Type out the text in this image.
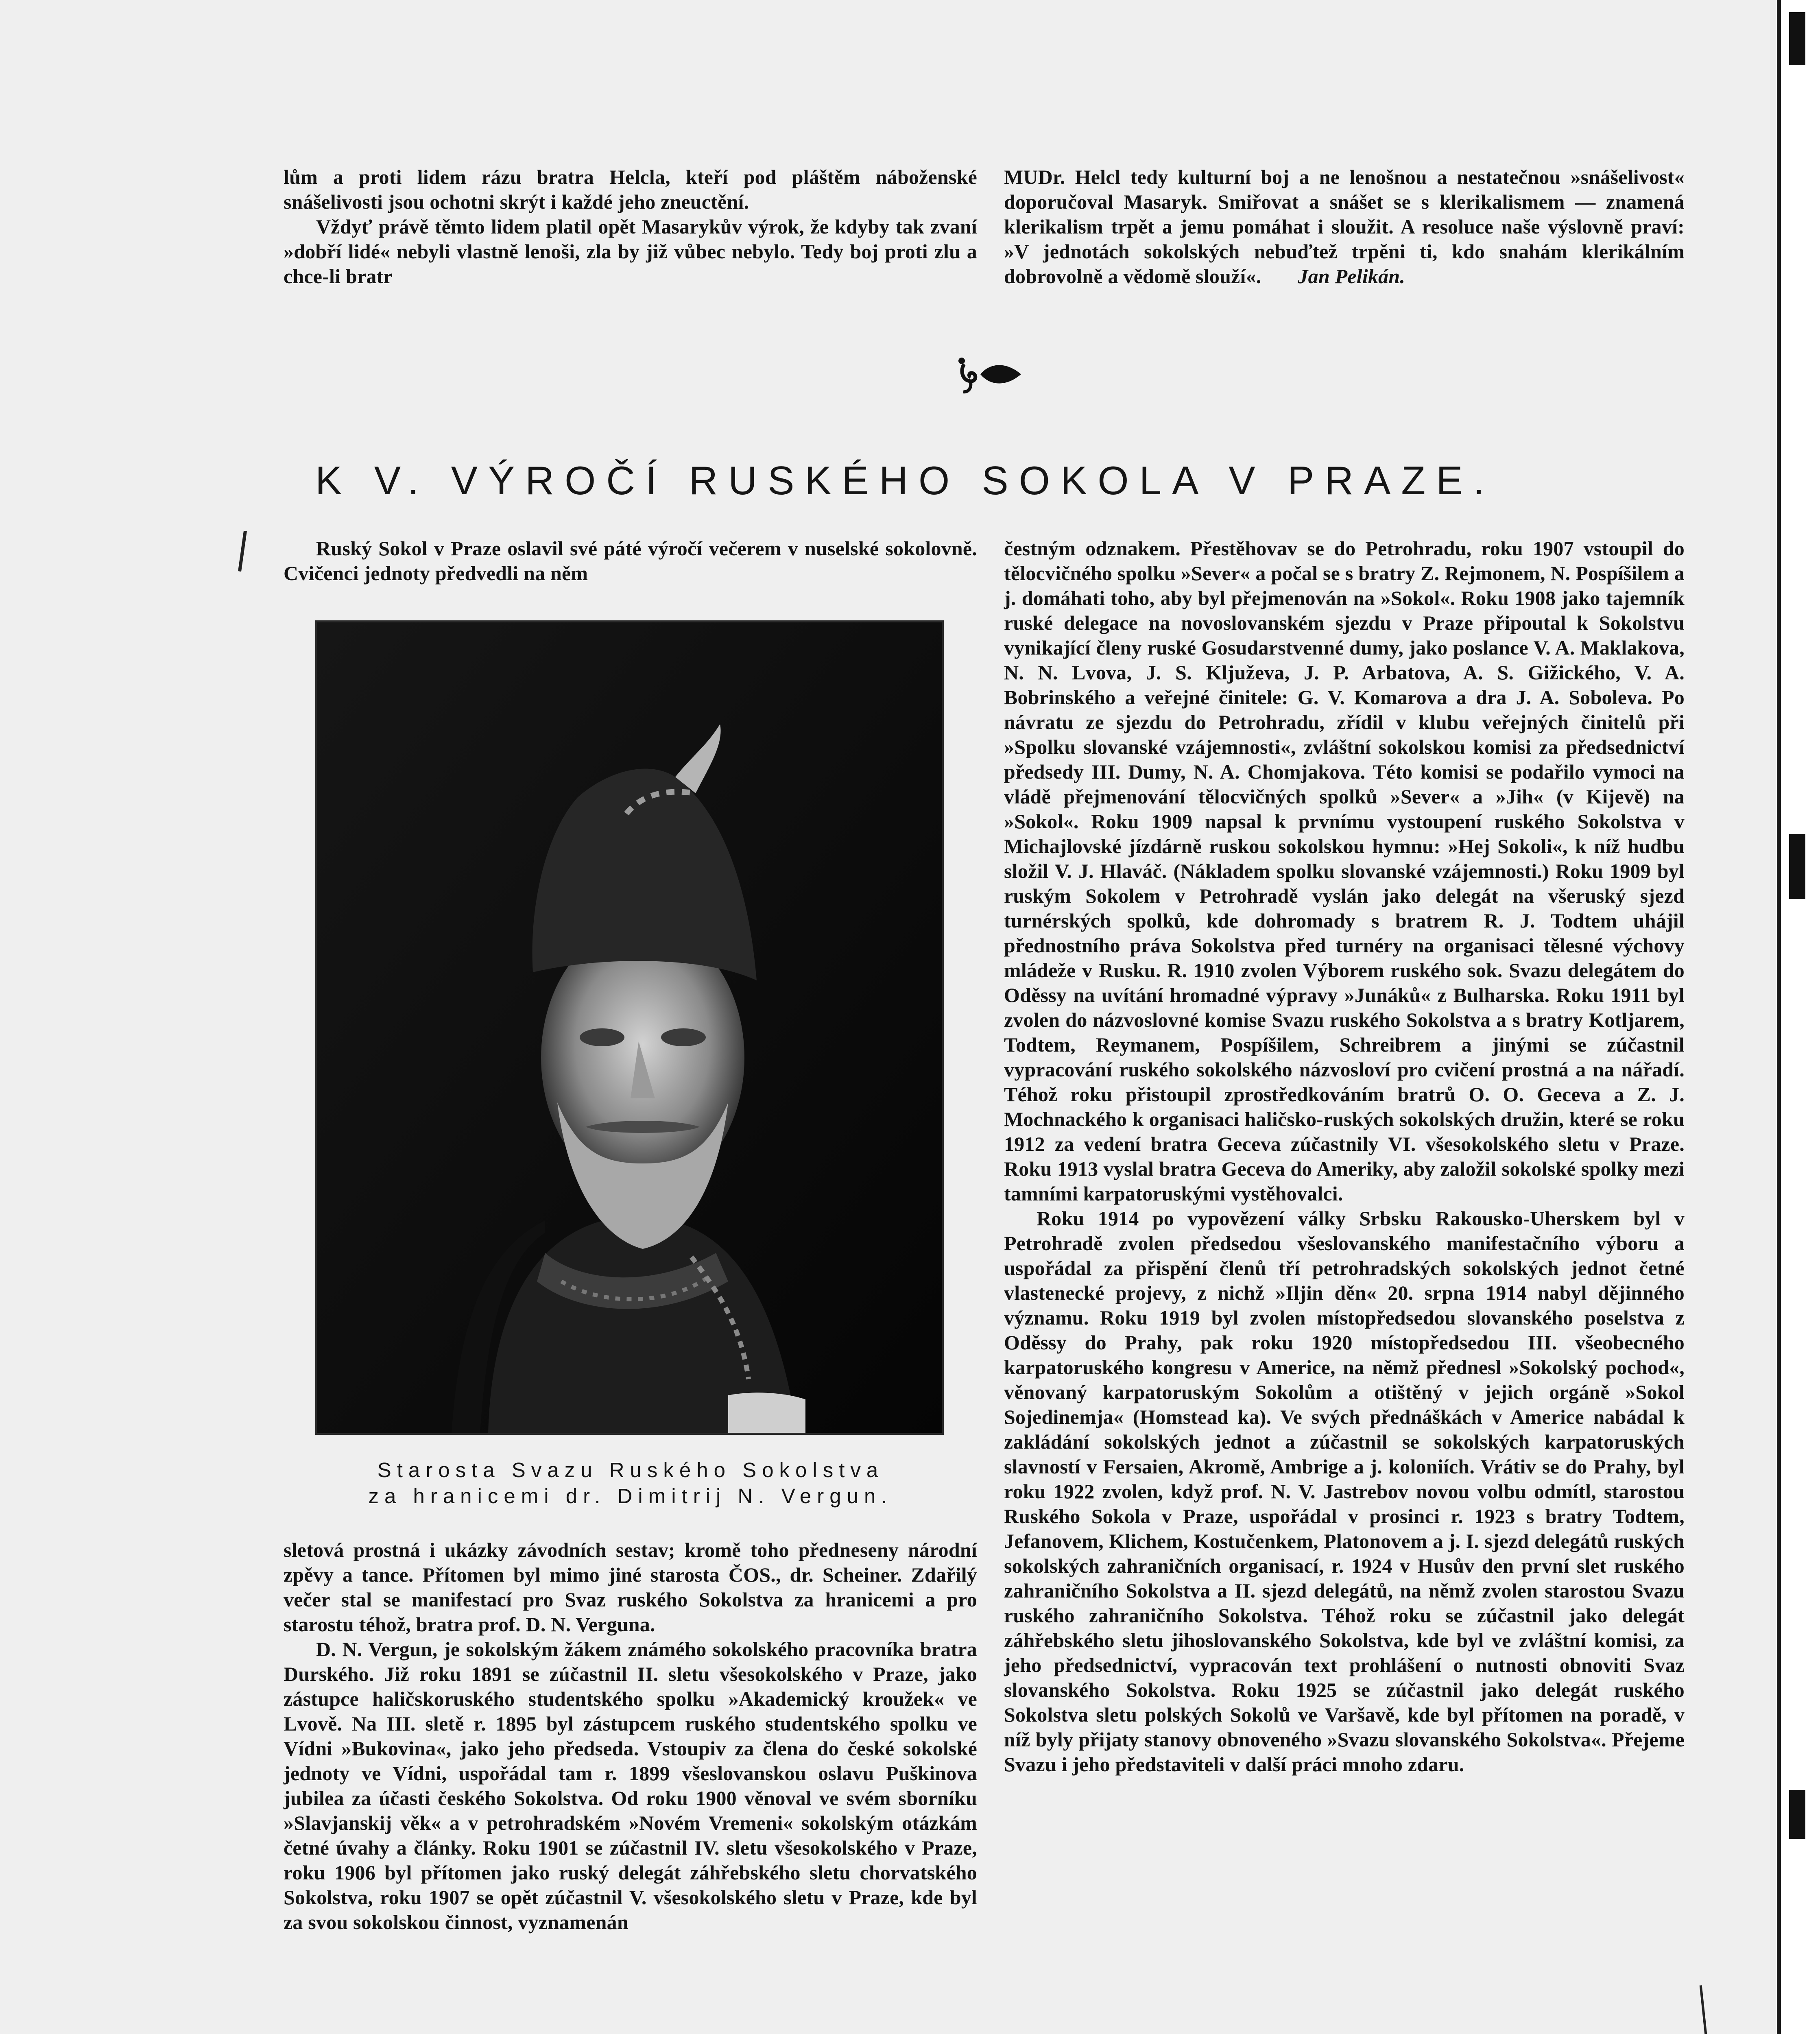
lům a proti lidem rázu bratra Helcla, kteří pod pláštěm náboženské snášelivosti jsou ochotni skrýt i každé jeho zneuctění.

Vždyť právě těmto lidem platil opět Masarykův výrok, že kdyby tak zvaní »dobří lidé« nebyli vlastně lenoši, zla by již vůbec nebylo. Tedy boj proti zlu a chce-li bratr

MUDr. Helcl tedy kulturní boj a ne lenošnou a nestatečnou »snášelivost« doporučoval Masaryk. Smiřovat a snášet se s klerikalismem — znamená klerikalism trpět a jemu pomáhat i sloužit. A resoluce naše výslovně praví: »V jednotách sokolských nebuďtež trpěni ti, kdo snahám klerikálním dobrovolně a vědomě slouží«. Jan Pelikán.

K V. VÝROČÍ RUSKÉHO SOKOLA V PRAZE.

Ruský Sokol v Praze oslavil své páté výročí večerem v nuselské sokolovně. Cvičenci jednoty předvedli na něm

Starosta Svazu Ruského Sokolstva
za hranicemi dr. Dimitrij N. Vergun.

sletová prostná i ukázky závodních sestav; kromě toho předneseny národní zpěvy a tance. Přítomen byl mimo jiné starosta ČOS., dr. Scheiner. Zdařilý večer stal se manifestací pro Svaz ruského Sokolstva za hranicemi a pro starostu téhož, bratra prof. D. N. Verguna.

D. N. Vergun, je sokolským žákem známého sokolského pracovníka bratra Durského. Již roku 1891 se zúčastnil II. sletu všesokolského v Praze, jako zástupce haličskoruského studentského spolku »Akademický kroužek« ve Lvově. Na III. sletě r. 1895 byl zástupcem ruského studentského spolku ve Vídni »Bukovina«, jako jeho předseda. Vstoupiv za člena do české sokolské jednoty ve Vídni, uspořádal tam r. 1899 všeslovanskou oslavu Puškinova jubilea za účasti českého Sokolstva. Od roku 1900 věnoval ve svém sborníku »Slavjanskij věk« a v petrohradském »Novém Vremeni« sokolským otázkám četné úvahy a články. Roku 1901 se zúčastnil IV. sletu všesokolského v Praze, roku 1906 byl přítomen jako ruský delegát záhřebského sletu chorvatského Sokolstva, roku 1907 se opět zúčastnil V. všesokolského sletu v Praze, kde byl za svou sokolskou činnost, vyznamenán

čestným odznakem. Přestěhovav se do Petrohradu, roku 1907 vstoupil do tělocvičného spolku »Sever« a počal se s bratry Z. Rejmonem, N. Pospíšilem a j. domáhati toho, aby byl přejmenován na »Sokol«. Roku 1908 jako tajemník ruské delegace na novoslovanském sjezdu v Praze připoutal k Sokolstvu vynikající členy ruské Gosudarstvenné dumy, jako poslance V. A. Maklakova, N. N. Lvova, J. S. Kljuževa, J. P. Arbatova, A. S. Gižického, V. A. Bobrinského a veřejné činitele: G. V. Komarova a dra J. A. Soboleva. Po návratu ze sjezdu do Petrohradu, zřídil v klubu veřejných činitelů při »Spolku slovanské vzájemnosti«, zvláštní sokolskou komisi za předsednictví předsedy III. Dumy, N. A. Chomjakova. Této komisi se podařilo vymoci na vládě přejmenování tělocvičných spolků »Sever« a »Jih« (v Kijevě) na »Sokol«. Roku 1909 napsal k prvnímu vystoupení ruského Sokolstva v Michajlovské jízdárně ruskou sokolskou hymnu: »Hej Sokoli«, k níž hudbu složil V. J. Hlaváč. (Nákladem spolku slovanské vzájemnosti.) Roku 1909 byl ruským Sokolem v Petrohradě vyslán jako delegát na všeruský sjezd turnérských spolků, kde dohromady s bratrem R. J. Todtem uhájil přednostního práva Sokolstva před turnéry na organisaci tělesné výchovy mládeže v Rusku. R. 1910 zvolen Výborem ruského sok. Svazu delegátem do Oděssy na uvítání hromadné výpravy »Junáků« z Bulharska. Roku 1911 byl zvolen do názvoslovné komise Svazu ruského Sokolstva a s bratry Kotljarem, Todtem, Reymanem, Pospíšilem, Schreibrem a jinými se zúčastnil vypracování ruského sokolského názvosloví pro cvičení prostná a na nářadí. Téhož roku přistoupil zprostředkováním bratrů O. O. Geceva a Z. J. Mochnackého k organisaci haličsko-ruských sokolských družin, které se roku 1912 za vedení bratra Geceva zúčastnily VI. všesokolského sletu v Praze. Roku 1913 vyslal bratra Geceva do Ameriky, aby založil sokolské spolky mezi tamními karpatoruskými vystěhovalci.

Roku 1914 po vypovězení války Srbsku Rakousko-Uherskem byl v Petrohradě zvolen předsedou všeslovanského manifestačního výboru a uspořádal za přispění členů tří petrohradských sokolských jednot četné vlastenecké projevy, z nichž »Iljin děn« 20. srpna 1914 nabyl dějinného významu. Roku 1919 byl zvolen místopředsedou slovanského poselstva z Oděssy do Prahy, pak roku 1920 místopředsedou III. všeobecného karpatoruského kongresu v Americe, na němž přednesl »Sokolský pochod«, věnovaný karpatoruským Sokolům a otištěný v jejich orgáně »Sokol Sojedinemja« (Homstead ka). Ve svých přednáškách v Americe nabádal k zakládání sokolských jednot a zúčastnil se sokolských karpatoruských slavností v Fersaien, Akromě, Ambrige a j. koloniích. Vrátiv se do Prahy, byl roku 1922 zvolen, když prof. N. V. Jastrebov novou volbu odmítl, starostou Ruského Sokola v Praze, uspořádal v prosinci r. 1923 s bratry Todtem, Jefanovem, Klichem, Kostučenkem, Platonovem a j. I. sjezd delegátů ruských sokolských zahraničních organisací, r. 1924 v Husův den první slet ruského zahraničního Sokolstva a II. sjezd delegátů, na němž zvolen starostou Svazu ruského zahraničního Sokolstva. Téhož roku se zúčastnil jako delegát záhřebského sletu jihoslovanského Sokolstva, kde byl ve zvláštní komisi, za jeho předsednictví, vypracován text prohlášení o nutnosti obnoviti Svaz slovanského Sokolstva. Roku 1925 se zúčastnil jako delegát ruského Sokolstva sletu polských Sokolů ve Varšavě, kde byl přítomen na poradě, v níž byly přijaty stanovy obnoveného »Svazu slovanského Sokolstva«. Přejeme Svazu i jeho představiteli v další práci mnoho zdaru.
